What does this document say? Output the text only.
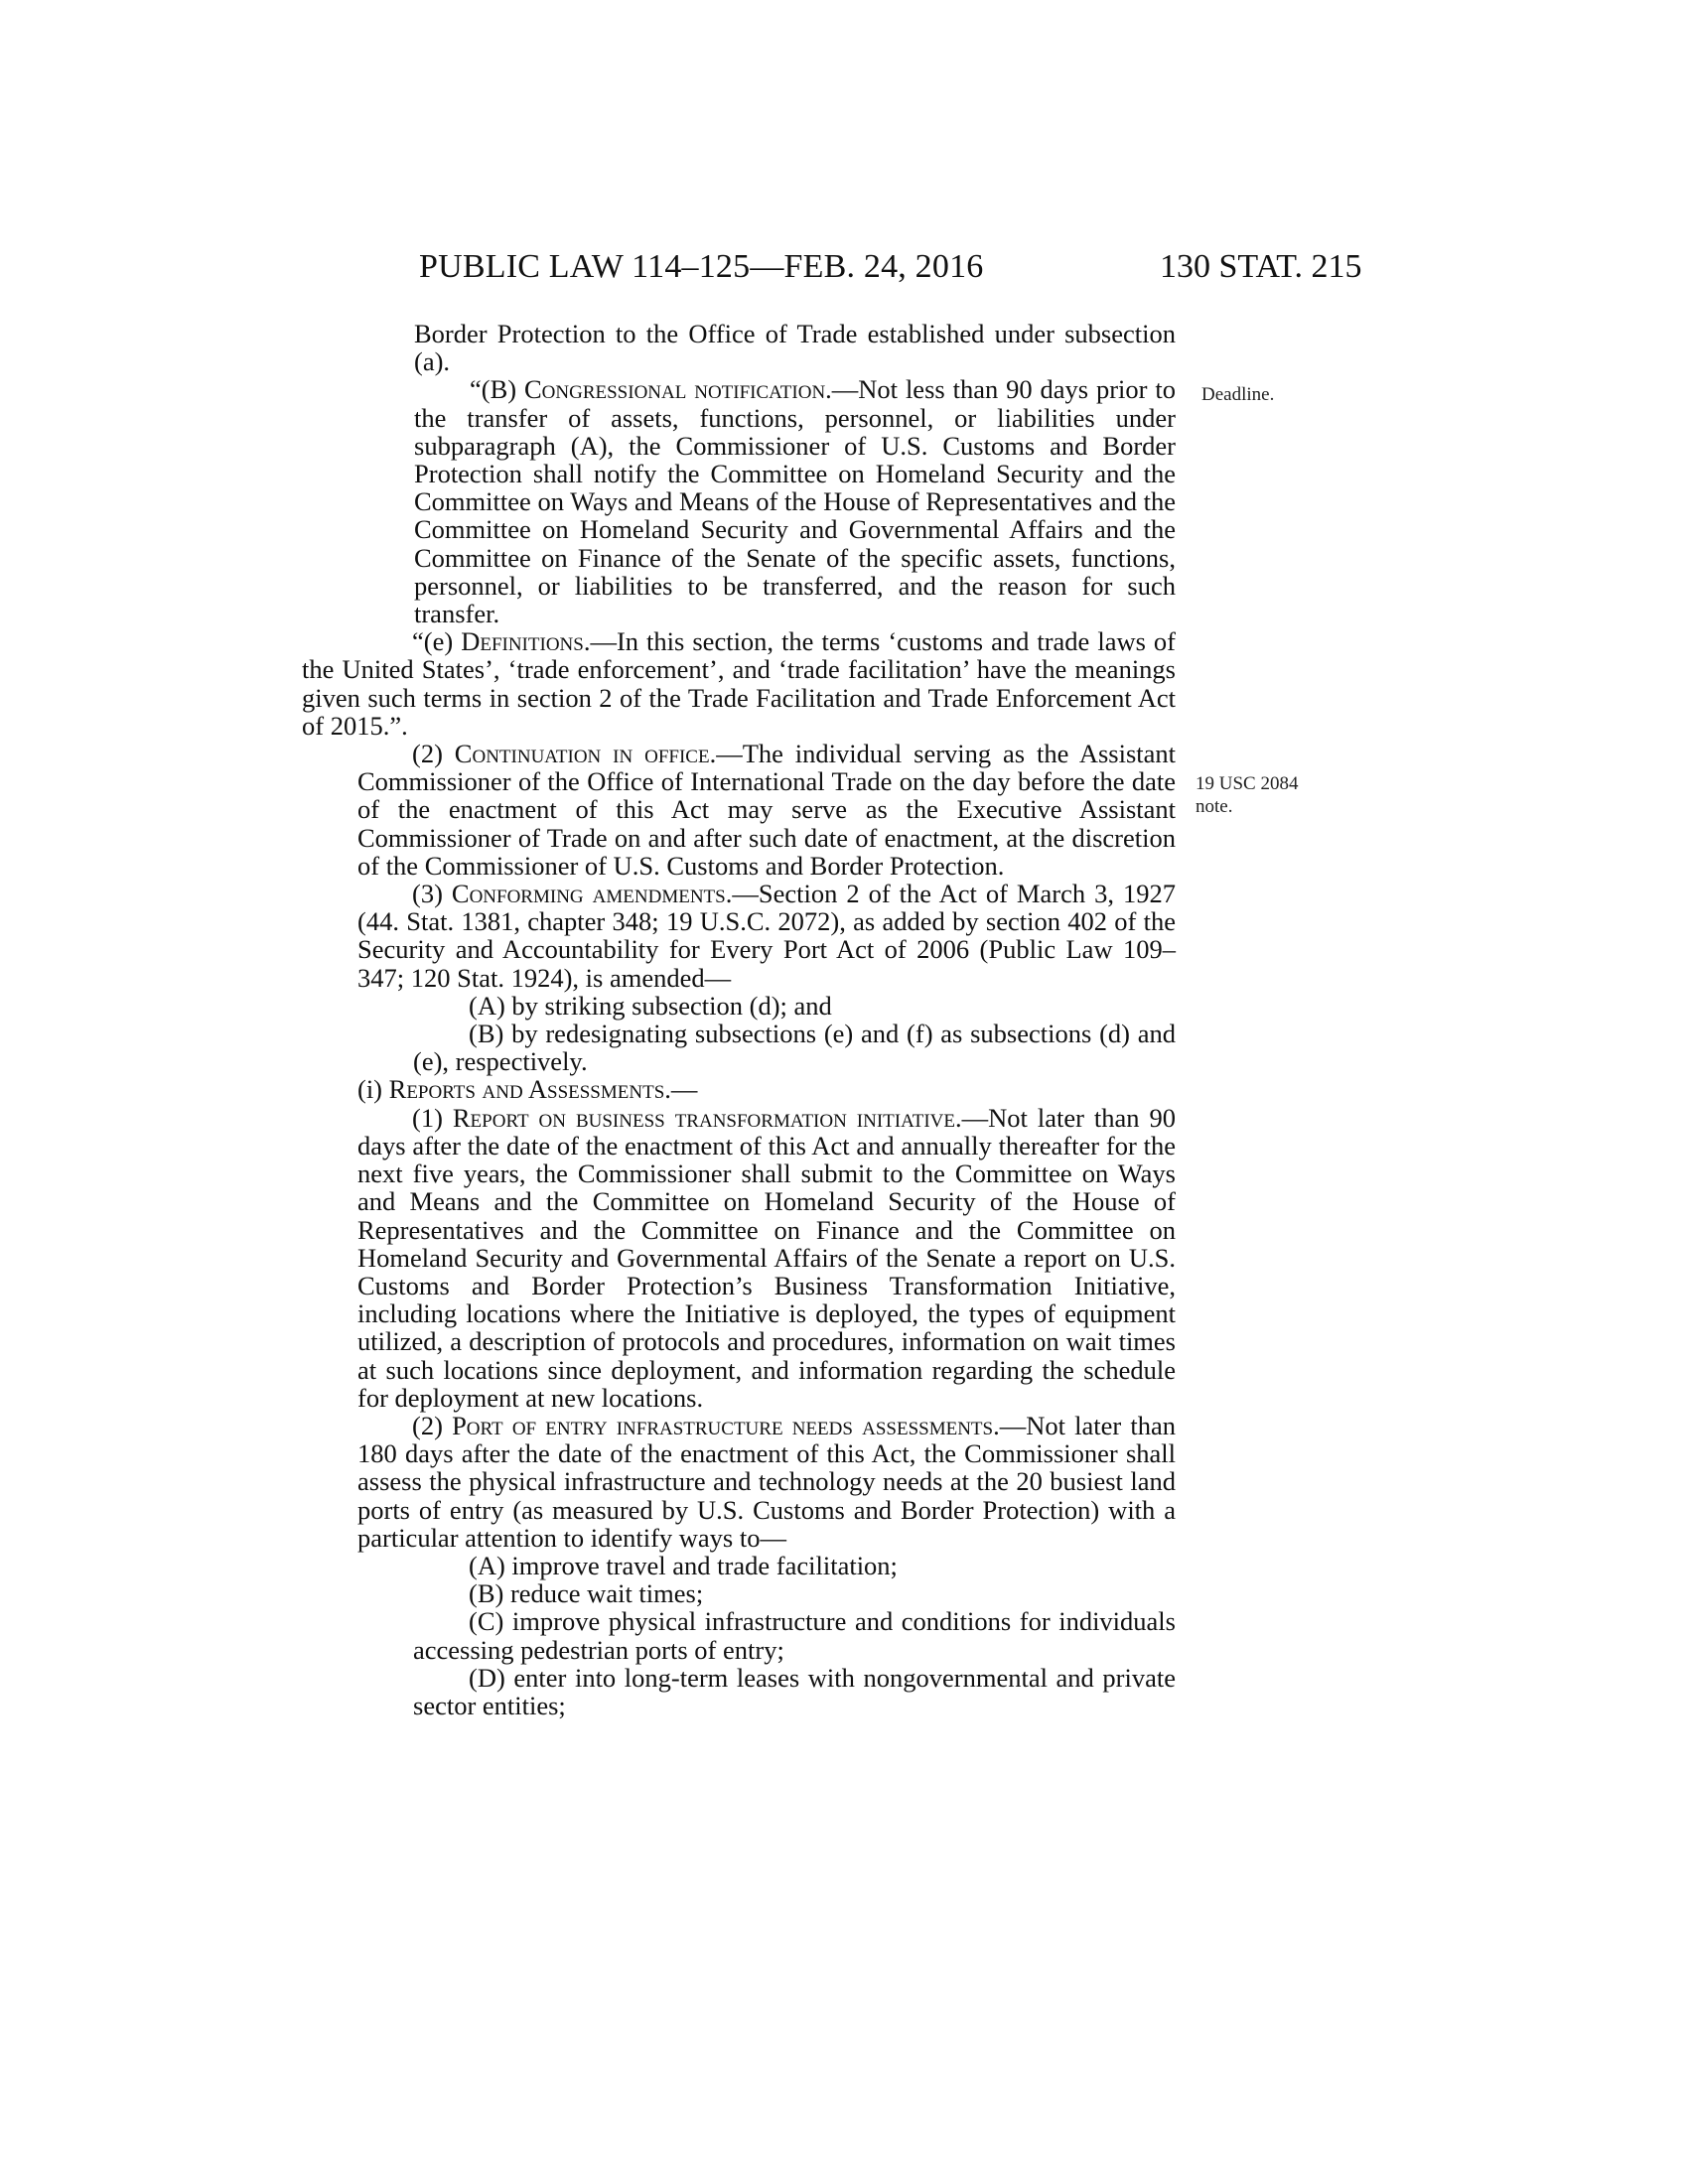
PUBLIC LAW 114–125—FEB. 24, 2016	130 STAT. 215
Deadline.
19 USC 2084
note.

Border Protection to the Office of Trade established under subsection (a).

“(B) Congressional notification.—Not less than 90 days prior to the transfer of assets, functions, personnel, or liabilities under subparagraph (A), the Commissioner of U.S. Customs and Border Protection shall notify the Committee on Homeland Security and the Committee on Ways and Means of the House of Representatives and the Committee on Homeland Security and Governmental Affairs and the Committee on Finance of the Senate of the specific assets, functions, personnel, or liabilities to be transferred, and the reason for such transfer.

“(e) Definitions.—In this section, the terms ‘customs and trade laws of the United States’, ‘trade enforcement’, and ‘trade facilitation’ have the meanings given such terms in section 2 of the Trade Facilitation and Trade Enforcement Act of 2015.”.

(2) Continuation in office.—The individual serving as the Assistant Commissioner of the Office of International Trade on the day before the date of the enactment of this Act may serve as the Executive Assistant Commissioner of Trade on and after such date of enactment, at the discretion of the Commissioner of U.S. Customs and Border Protection.

(3) Conforming amendments.—Section 2 of the Act of March 3, 1927 (44. Stat. 1381, chapter 348; 19 U.S.C. 2072), as added by section 402 of the Security and Accountability for Every Port Act of 2006 (Public Law 109–347; 120 Stat. 1924), is amended—

(A) by striking subsection (d); and

(B) by redesignating subsections (e) and (f) as subsections (d) and (e), respectively.

(i) Reports and Assessments.—

(1) Report on business transformation initiative.—Not later than 90 days after the date of the enactment of this Act and annually thereafter for the next five years, the Commissioner shall submit to the Committee on Ways and Means and the Committee on Homeland Security of the House of Representatives and the Committee on Finance and the Committee on Homeland Security and Governmental Affairs of the Senate a report on U.S. Customs and Border Protection’s Business Transformation Initiative, including locations where the Initiative is deployed, the types of equipment utilized, a description of protocols and procedures, information on wait times at such locations since deployment, and information regarding the schedule for deployment at new locations.

(2) Port of entry infrastructure needs assessments.—Not later than 180 days after the date of the enactment of this Act, the Commissioner shall assess the physical infrastructure and technology needs at the 20 busiest land ports of entry (as measured by U.S. Customs and Border Protection) with a particular attention to identify ways to—

(A) improve travel and trade facilitation;

(B) reduce wait times;

(C) improve physical infrastructure and conditions for individuals accessing pedestrian ports of entry;

(D) enter into long-term leases with nongovernmental and private sector entities;
